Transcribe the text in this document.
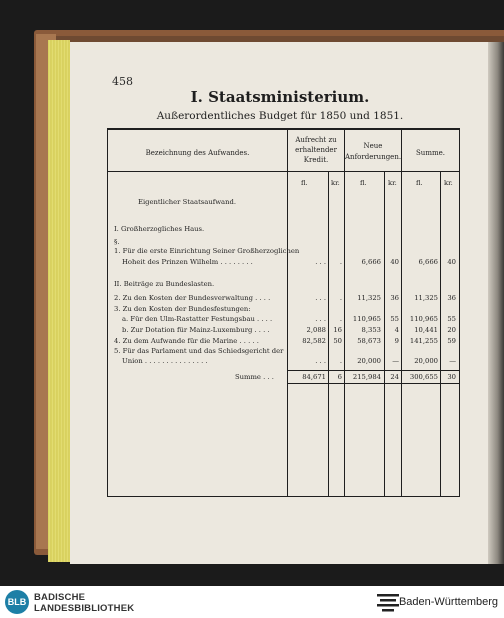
458
I. Staatsministerium.
Außerordentliches Budget für 1850 und 1851.
Bezeichnung des Aufwandes.
Aufrecht zu
erhaltender
Kredit.
Neue
Anforderungen.	Summe.
fl.	kr.	fl.	kr.	fl.	kr.
Eigentlicher Staatsaufwand.
I. Großherzogliches Haus.
§.
1. Für die erste Einrichtung Seiner Großherzoglichen
Hoheit des Prinzen Wilhelm . . . . . . . .	. . .	.	6,666	40	6,666	40
II. Beiträge zu Bundeslasten.
2. Zu den Kosten der Bundesverwaltung . . . .	. . .	.	11,325	36	11,325	36
3. Zu den Kosten der Bundesfestungen:
a. Für den Ulm-Rastatter Festungsbau . . . .	. . .	.	110,965	55	110,965	55
b. Zur Dotation für Mainz-Luxemburg . . . .	2,088	16	8,353	4	10,441	20
4. Zu dem Aufwande für die Marine . . . . .	82,582	50	58,673	9	141,255	59
5. Für das Parlament und das Schiedsgericht der
Union . . . . . . . . . . . . . . .	. . .	.	20,000	—	20,000	—
Summe . . .	84,671	6	215,984	24	300,655	30
BLB BADISCHE
LANDESBIBLIOTHEK
Baden-Württemberg
